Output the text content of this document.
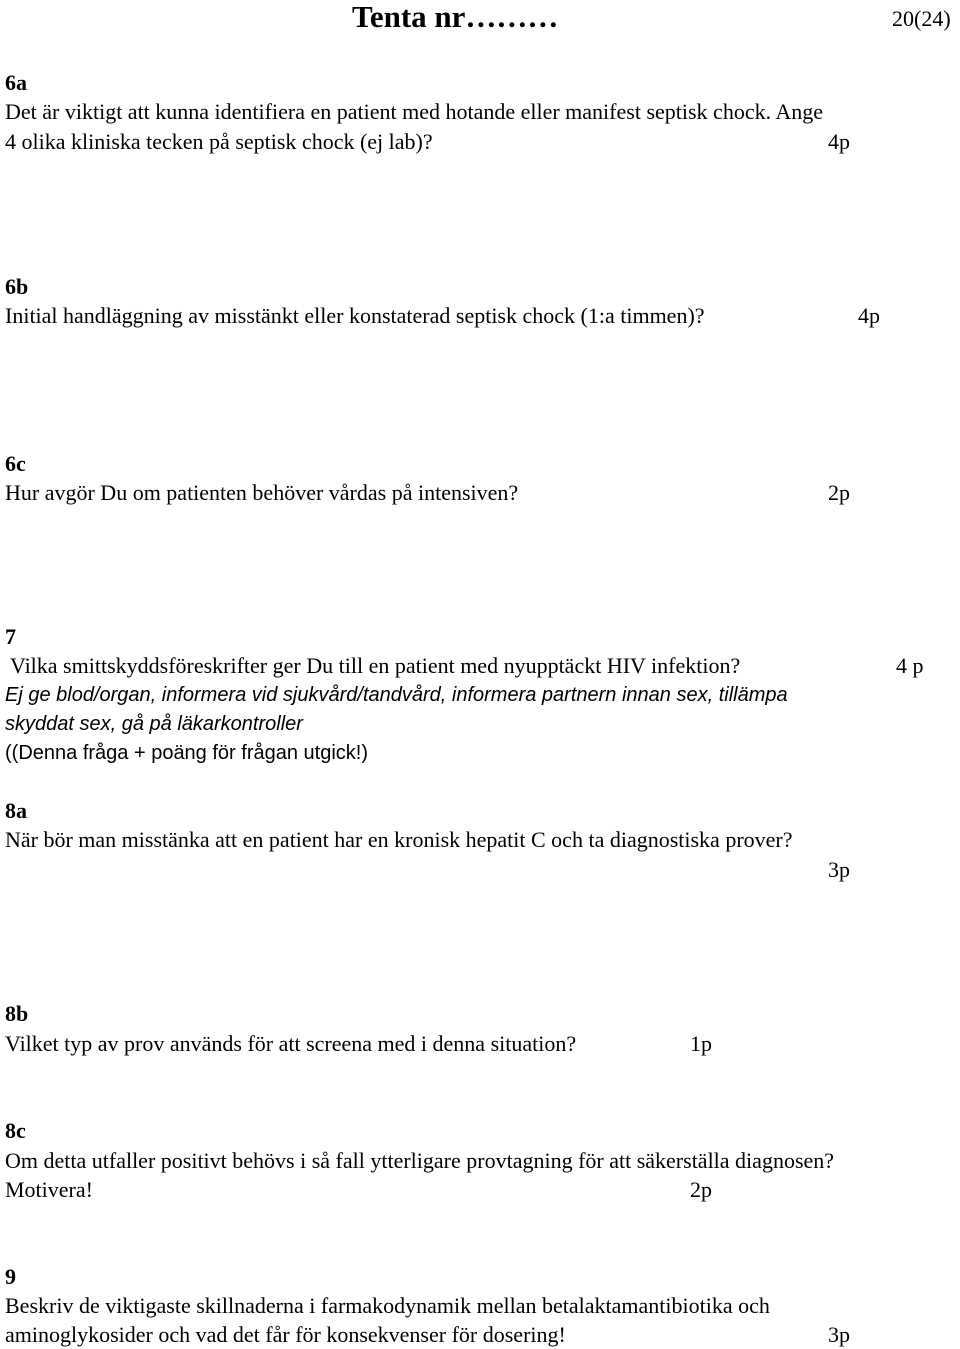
Tenta nr………	20(24)
6a
Det är viktigt att kunna identifiera en patient med hotande eller manifest septisk chock. Ange
4 olika kliniska tecken på septisk chock (ej lab)?	4p
6b
Initial handläggning av misstänkt eller konstaterad septisk chock (1:a timmen)?	4p
6c
Hur avgör Du om patienten behöver vårdas på intensiven?	2p
7
Vilka smittskyddsföreskrifter ger Du till en patient med nyupptäckt HIV infektion?	4 p
Ej ge blod/organ, informera vid sjukvård/tandvård, informera partnern innan sex, tillämpa
skyddat sex, gå på läkarkontroller
((Denna fråga + poäng för frågan utgick!)
8a
När bör man misstänka att en patient har en kronisk hepatit C och ta diagnostiska prover?
3p
8b
Vilket typ av prov används för att screena med i denna situation?	1p
8c
Om detta utfaller positivt behövs i så fall ytterligare provtagning för att säkerställa diagnosen?
Motivera!	2p
9
Beskriv de viktigaste skillnaderna i farmakodynamik mellan betalaktamantibiotika och
aminoglykosider och vad det får för konsekvenser för dosering!	3p
